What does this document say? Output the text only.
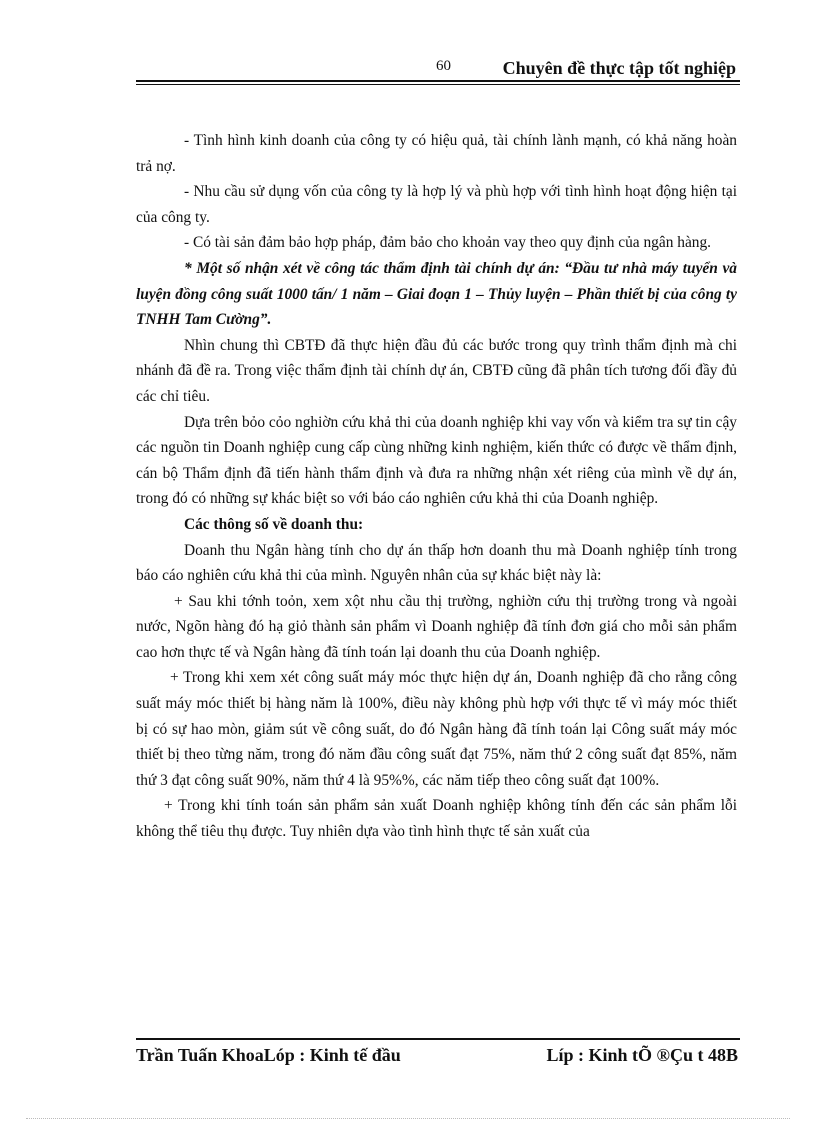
60	Chuyên đề thực tập tốt nghiệp

- Tình hình kinh doanh của công ty có hiệu quả, tài chính lành mạnh, có khả năng hoàn trả nợ.

- Nhu cầu sử dụng vốn của công ty là hợp lý và phù hợp với tình hình hoạt động hiện tại của công ty.

- Có tài sản đảm bảo hợp pháp, đảm bảo cho khoản vay theo quy định của ngân hàng.

* Một số nhận xét về công tác thẩm định tài chính dự án: “Đầu tư nhà máy tuyển và luyện đồng công suất 1000 tấn/ 1 năm – Giai đoạn 1 – Thủy luyện – Phần thiết bị của công ty TNHH Tam Cường”.

Nhìn chung thì CBTĐ đã thực hiện đầu đủ các bước trong quy trình thẩm định mà chi nhánh đã đề ra. Trong việc thẩm định tài chính dự án, CBTĐ cũng đã phân tích tương đối đầy đủ các chỉ tiêu.

Dựa trên bỏo cỏo nghiờn cứu khả thi của doanh nghiệp khi vay vốn và kiểm tra sự tin cậy các nguồn tin Doanh nghiệp cung cấp cùng những kinh nghiệm, kiến thức có được về thẩm định, cán bộ Thẩm định đã tiến hành thẩm định và đưa ra những nhận xét riêng của mình về dự án, trong đó có những sự khác biệt so với báo cáo nghiên cứu khả thi của Doanh nghiệp.

Các thông số về doanh thu:

Doanh thu Ngân hàng tính cho dự án thấp hơn doanh thu mà Doanh nghiệp tính trong báo cáo nghiên cứu khả thi của mình. Nguyên nhân của sự khác biệt này là:

+ Sau khi tớnh toỏn, xem xột nhu cầu thị trường, nghiờn cứu thị trường trong và ngoài nước, Ngõn hàng đó hạ giỏ thành sản phẩm vì Doanh nghiệp đã tính đơn giá cho mỗi sản phẩm cao hơn thực tế và Ngân hàng đã tính toán lại doanh thu của Doanh nghiệp.

+ Trong khi xem xét công suất máy móc thực hiện dự án, Doanh nghiệp đã cho rằng công suất máy móc thiết bị hàng năm là 100%, điều này không phù hợp với thực tế vì máy móc thiết bị có sự hao mòn, giảm sút về công suất, do đó Ngân hàng đã tính toán lại Công suất máy móc thiết bị theo từng năm, trong đó năm đầu công suất đạt 75%, năm thứ 2 công suất đạt 85%, năm thứ 3 đạt công suất 90%, năm thứ 4 là 95%%, các năm tiếp theo công suất đạt 100%.

+ Trong khi tính toán sản phẩm sản xuất Doanh nghiệp không tính đến các sản phẩm lỗi không thể tiêu thụ được. Tuy nhiên dựa vào tình hình thực tế sản xuất của

Trần Tuấn KhoaLóp : Kinh tế đầu	Líp : Kinh tÕ ®Çu t 48B
